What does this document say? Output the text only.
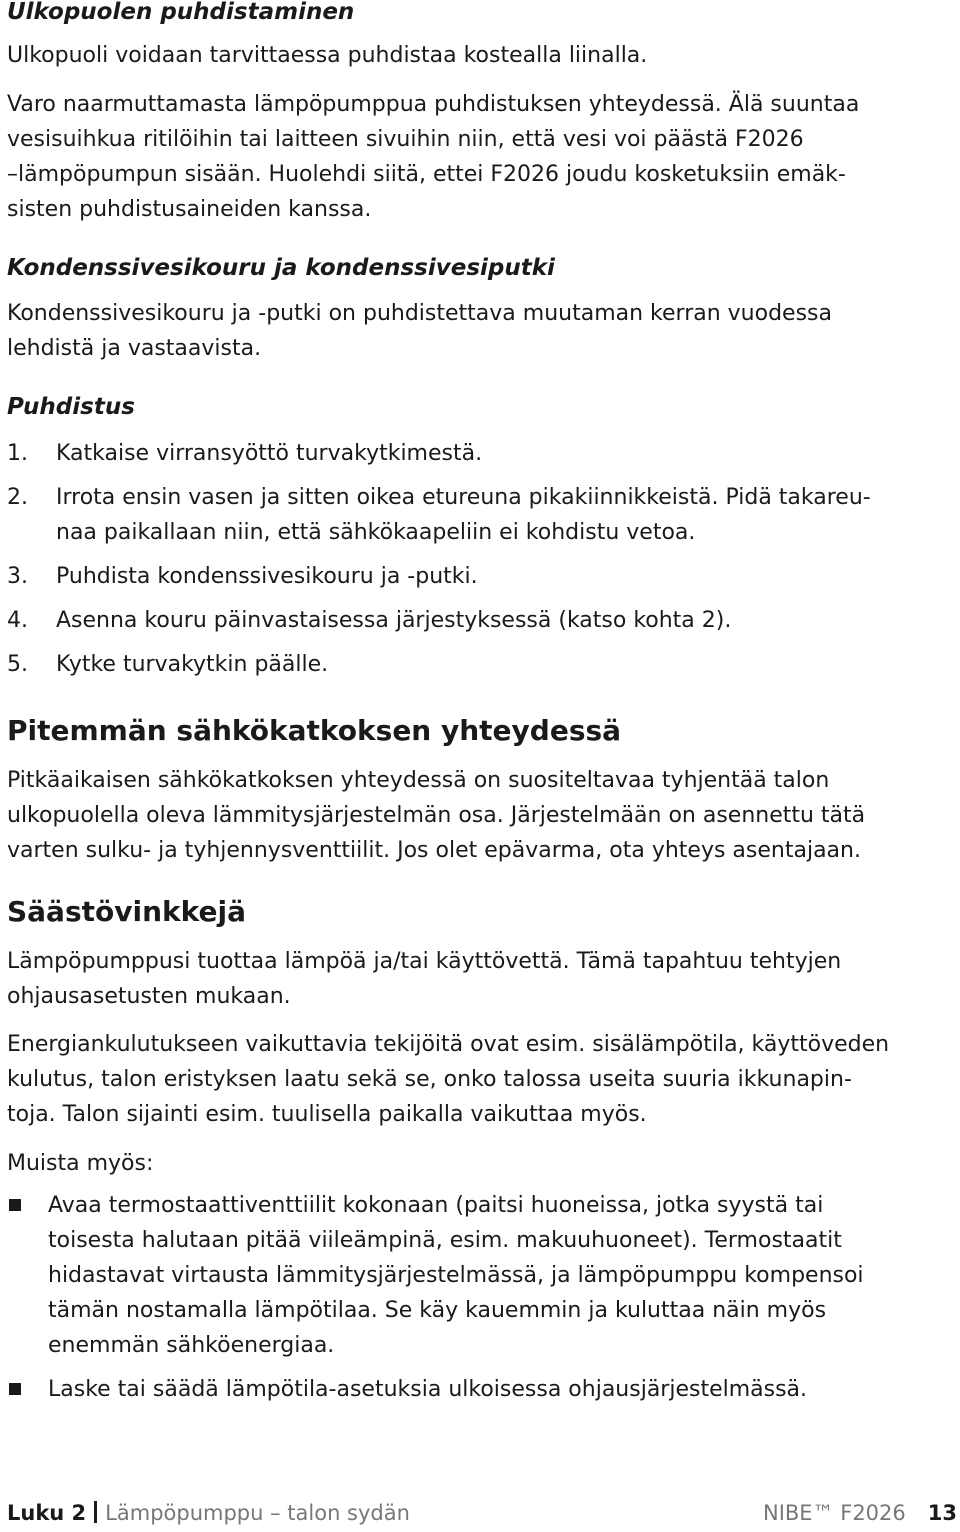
Ulkopuolen puhdistaminen

Ulkopuoli voidaan tarvittaessa puhdistaa kostealla liinalla.

Varo naarmuttamasta lämpöpumppua puhdistuksen yhteydessä. Älä suuntaa
vesisuihkua ritilöihin tai laitteen sivuihin niin, että vesi voi päästä F2026
–lämpöpumpun sisään. Huolehdi siitä, ettei F2026 joudu kosketuksiin emäk-
sisten puhdistusaineiden kanssa.
Kondenssivesikouru ja kondenssivesiputki
Kondenssivesikouru ja -putki on puhdistettava muutaman kerran vuodessa
lehdistä ja vastaavista.
Puhdistus
1. Katkaise virransyöttö turvakytkimestä.
2. Irrota ensin vasen ja sitten oikea etureuna pikakiinnikkeistä. Pidä takareu-
naa paikallaan niin, että sähkökaapeliin ei kohdistu vetoa.
3. Puhdista kondenssivesikouru ja -putki.
4. Asenna kouru päinvastaisessa järjestyksessä (katso kohta 2).
5. Kytke turvakytkin päälle.
Pitemmän sähkökatkoksen yhteydessä
Pitkäaikaisen sähkökatkoksen yhteydessä on suositeltavaa tyhjentää talon
ulkopuolella oleva lämmitysjärjestelmän osa. Järjestelmään on asennettu tätä
varten sulku- ja tyhjennysventtiilit. Jos olet epävarma, ota yhteys asentajaan.
Säästövinkkejä
Lämpöpumppusi tuottaa lämpöä ja/tai käyttövettä. Tämä tapahtuu tehtyjen
ohjausasetusten mukaan.
Energiankulutukseen vaikuttavia tekijöitä ovat esim. sisälämpötila, käyttöveden
kulutus, talon eristyksen laatu sekä se, onko talossa useita suuria ikkunapin-
toja. Talon sijainti esim. tuulisella paikalla vaikuttaa myös.

Muista myös:

Avaa termostaattiventtiilit kokonaan (paitsi huoneissa, jotka syystä tai
toisesta halutaan pitää viileämpinä, esim. makuuhuoneet). Termostaatit
hidastavat virtausta lämmitysjärjestelmässä, ja lämpöpumppu kompensoi
tämän nostamalla lämpötilaa. Se käy kauemmin ja kuluttaa näin myös
enemmän sähköenergiaa.
Laske tai säädä lämpötila-asetuksia ulkoisessa ohjausjärjestelmässä.
Luku 2 Lämpöpumppu – talon sydän	NIBE™ F2026 13
